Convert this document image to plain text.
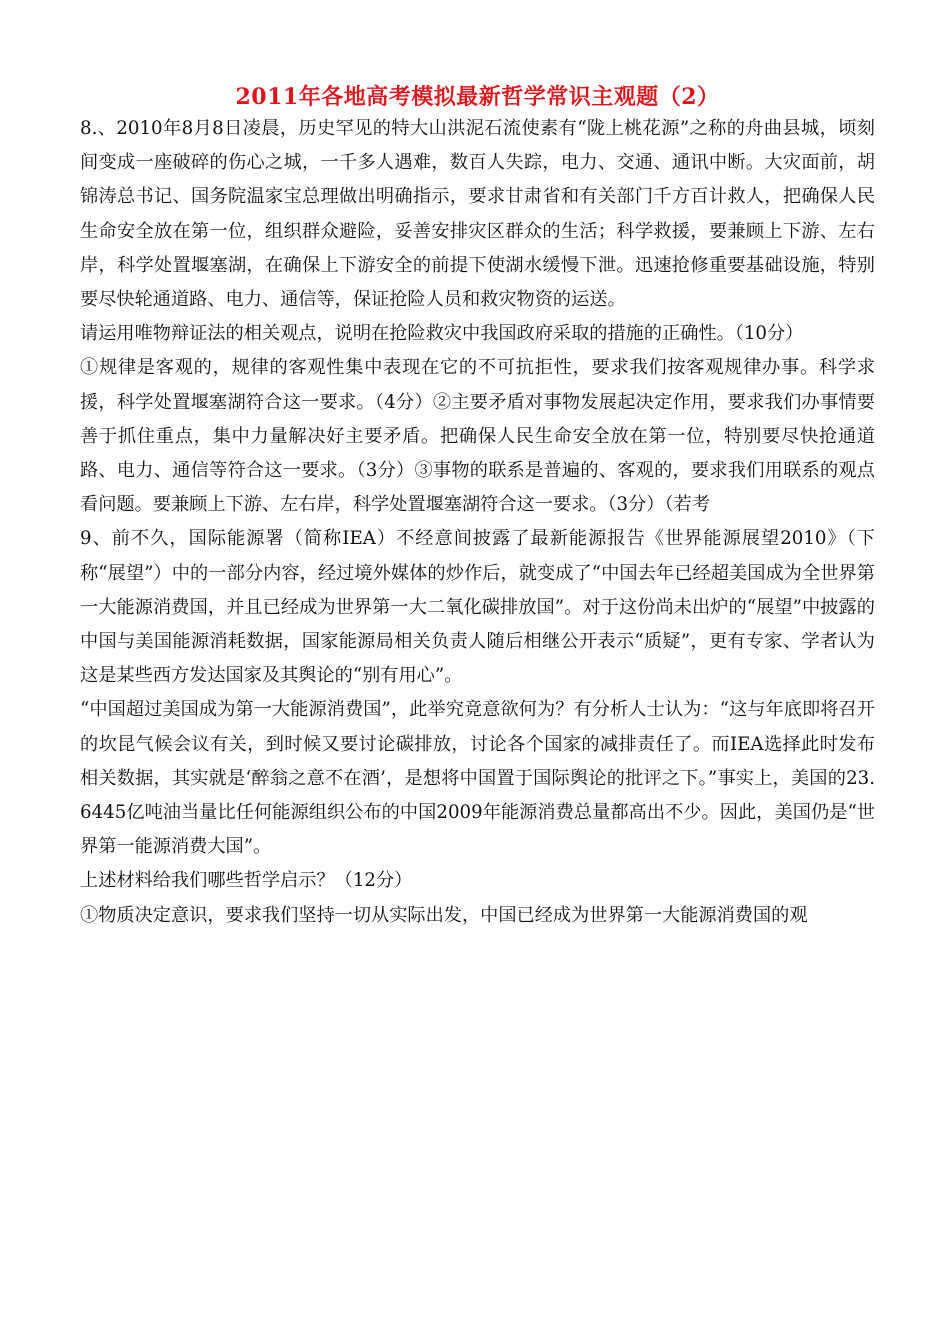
2011年各地高考模拟最新哲学常识主观题（2）

8.、2010年8月8日凌晨，历史罕见的特大山洪泥石流使素有“陇上桃花源”之称的舟曲县城，顷刻间变成一座破碎的伤心之城，一千多人遇难，数百人失踪，电力、交通、通讯中断。大灾面前，胡锦涛总书记、国务院温家宝总理做出明确指示，要求甘肃省和有关部门千方百计救人，把确保人民生命安全放在第一位，组织群众避险，妥善安排灾区群众的生活；科学救援，要兼顾上下游、左右岸，科学处置堰塞湖，在确保上下游安全的前提下使湖水缓慢下泄。迅速抢修重要基础设施，特别要尽快轮通道路、电力、通信等，保证抢险人员和救灾物资的运送。

请运用唯物辩证法的相关观点，说明在抢险救灾中我国政府采取的措施的正确性。（10分）

①规律是客观的，规律的客观性集中表现在它的不可抗拒性，要求我们按客观规律办事。科学求援，科学处置堰塞湖符合这一要求。（4分）②主要矛盾对事物发展起决定作用，要求我们办事情要善于抓住重点，集中力量解决好主要矛盾。把确保人民生命安全放在第一位，特别要尽快抢通道路、电力、通信等符合这一要求。（3分）③事物的联系是普遍的、客观的，要求我们用联系的观点看问题。要兼顾上下游、左右岸，科学处置堰塞湖符合这一要求。（3分）（若考

9、前不久，国际能源署（简称IEA）不经意间披露了最新能源报告《世界能源展望2010》（下称“展望”）中的一部分内容，经过境外媒体的炒作后，就变成了“中国去年已经超美国成为全世界第一大能源消费国，并且已经成为世界第一大二氧化碳排放国”。对于这份尚未出炉的“展望”中披露的中国与美国能源消耗数据，国家能源局相关负责人随后相继公开表示“质疑”，更有专家、学者认为这是某些西方发达国家及其舆论的“别有用心”。

“中国超过美国成为第一大能源消费国”，此举究竟意欲何为？有分析人士认为：“这与年底即将召开的坎昆气候会议有关，到时候又要讨论碳排放，讨论各个国家的减排责任了。而IEA选择此时发布相关数据，其实就是‘醉翁之意不在酒’，是想将中国置于国际舆论的批评之下。”事实上，美国的23.6445亿吨油当量比任何能源组织公布的中国2009年能源消费总量都高出不少。因此，美国仍是“世界第一能源消费大国”。

上述材料给我们哪些哲学启示？（12分）

①物质决定意识，要求我们坚持一切从实际出发，中国已经成为世界第一大能源消费国的观
